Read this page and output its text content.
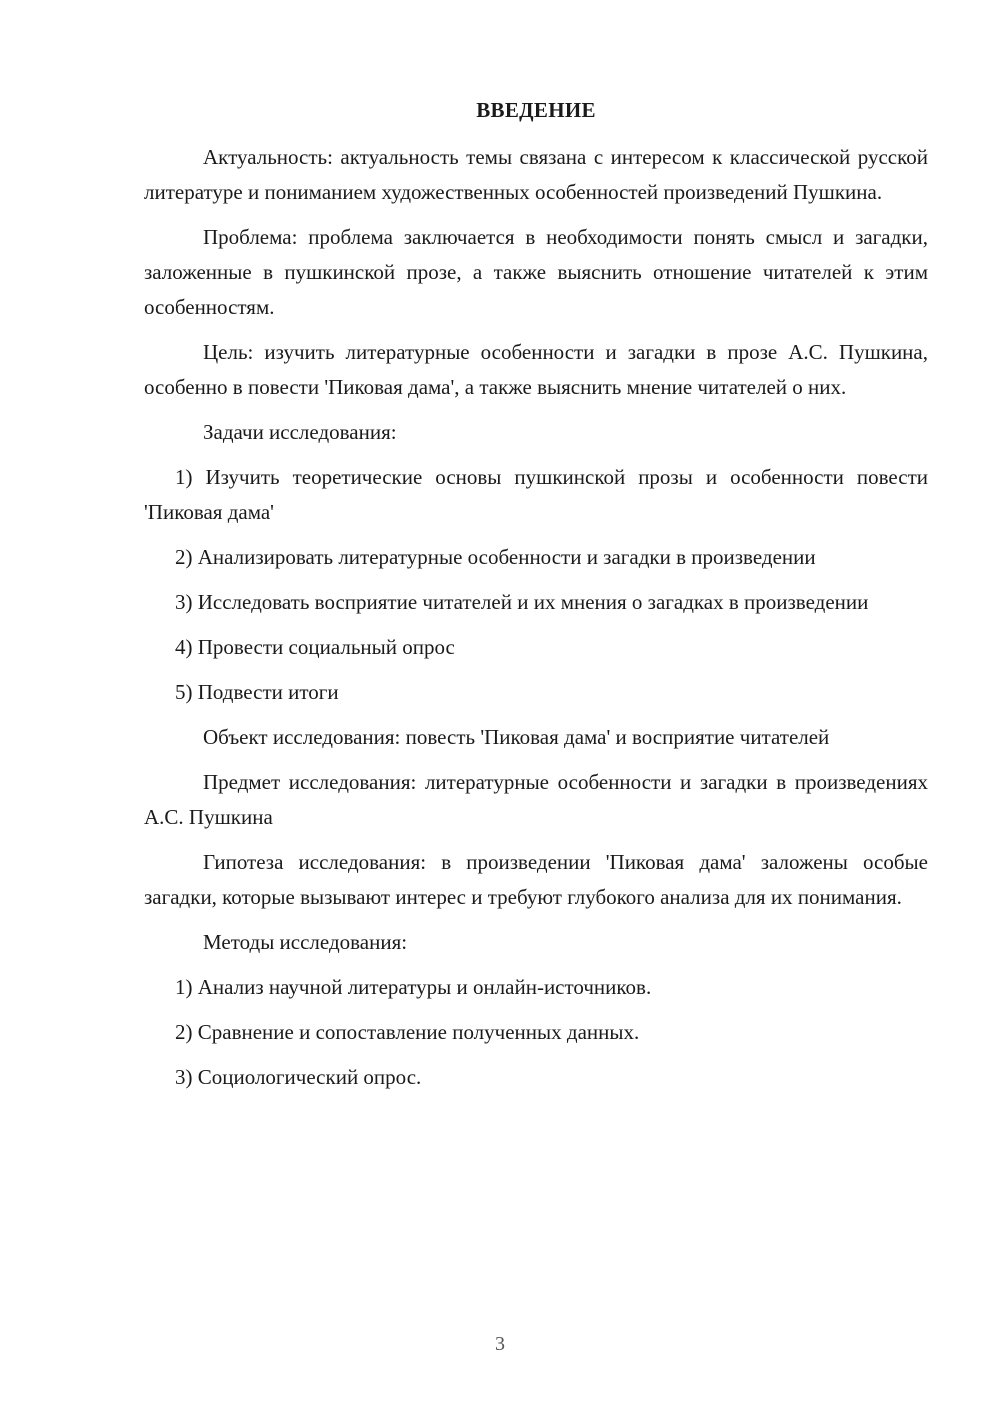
ВВЕДЕНИЕ

Актуальность: актуальность темы связана с интересом к классической русской литературе и пониманием художественных особенностей произведений Пушкина.

Проблема: проблема заключается в необходимости понять смысл и загадки, заложенные в пушкинской прозе, а также выяснить отношение читателей к этим особенностям.

Цель: изучить литературные особенности и загадки в прозе А.С. Пушкина, особенно в повести 'Пиковая дама', а также выяснить мнение читателей о них.

Задачи исследования:

1) Изучить теоретические основы пушкинской прозы и особенности повести 'Пиковая дама'

2) Анализировать литературные особенности и загадки в произведении

3) Исследовать восприятие читателей и их мнения о загадках в произведении

4) Провести социальный опрос

5) Подвести итоги

Объект исследования: повесть 'Пиковая дама' и восприятие читателей

Предмет исследования: литературные особенности и загадки в произведениях А.С. Пушкина

Гипотеза исследования: в произведении 'Пиковая дама' заложены особые загадки, которые вызывают интерес и требуют глубокого анализа для их понимания.

Методы исследования:

1) Анализ научной литературы и онлайн-источников.

2) Сравнение и сопоставление полученных данных.

3) Социологический опрос.

3
